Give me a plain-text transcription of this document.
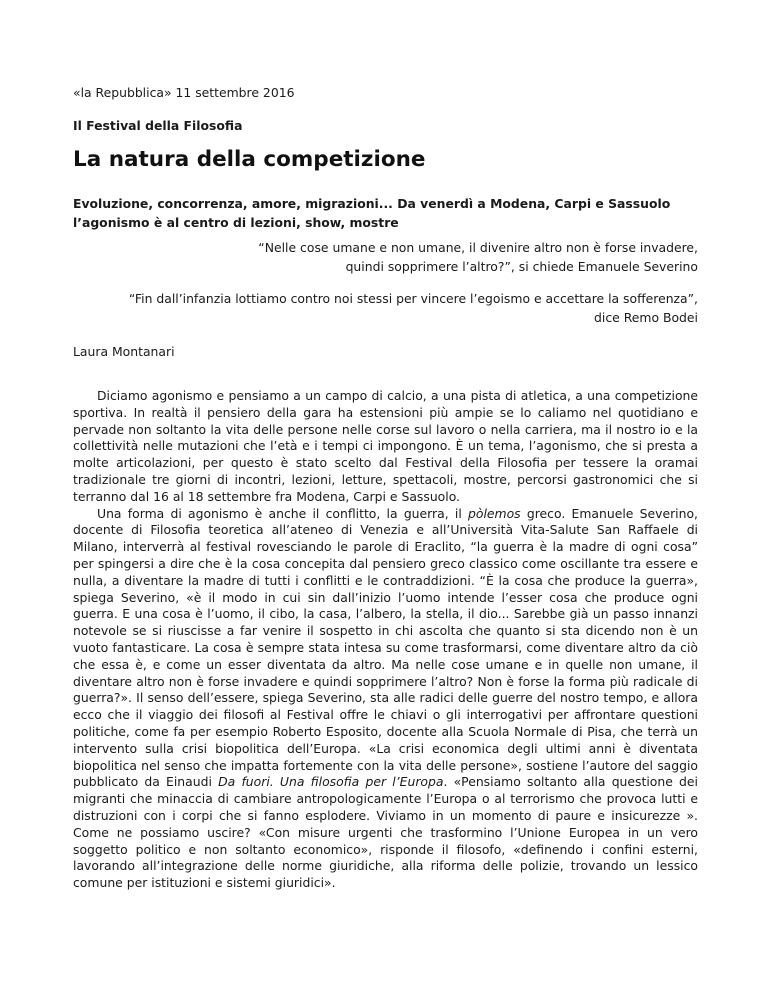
«la Repubblica» 11 settembre 2016

Il Festival della Filosofia

La natura della competizione

Evoluzione, concorrenza, amore, migrazioni... Da venerdì a Modena, Carpi e Sassuolo
l’agonismo è al centro di lezioni, show, mostre

“Nelle cose umane e non umane, il divenire altro non è forse invadere,
quindi sopprimere l’altro?”, si chiede Emanuele Severino

“Fin dall’infanzia lottiamo contro noi stessi per vincere l’egoismo e accettare la sofferenza”,
dice Remo Bodei

Laura Montanari

Diciamo agonismo e pensiamo a un campo di calcio, a una pista di atletica, a una competizione sportiva. In realtà il pensiero della gara ha estensioni più ampie se lo caliamo nel quotidiano e pervade non soltanto la vita delle persone nelle corse sul lavoro o nella carriera, ma il nostro io e la collettività nelle mutazioni che l’età e i tempi ci impongono. È un tema, l’agonismo, che si presta a molte articolazioni, per questo è stato scelto dal Festival della Filosofia per tessere la oramai tradizionale tre giorni di incontri, lezioni, letture, spettacoli, mostre, percorsi gastronomici che si terranno dal 16 al 18 settembre fra Modena, Carpi e Sassuolo.

Una forma di agonismo è anche il conflitto, la guerra, il pòlemos greco. Emanuele Severino, docente di Filosofia teoretica all’ateneo di Venezia e all’Università Vita-Salute San Raffaele di Milano, interverrà al festival rovesciando le parole di Eraclito, “la guerra è la madre di ogni cosa” per spingersi a dire che è la cosa concepita dal pensiero greco classico come oscillante tra essere e nulla, a diventare la madre di tutti i conflitti e le contraddizioni. “È la cosa che produce la guerra», spiega Severino, «è il modo in cui sin dall’inizio l’uomo intende l’esser cosa che produce ogni guerra. E una cosa è l’uomo, il cibo, la casa, l’albero, la stella, il dio... Sarebbe già un passo innanzi notevole se si riuscisse a far venire il sospetto in chi ascolta che quanto si sta dicendo non è un vuoto fantasticare. La cosa è sempre stata intesa su come trasformarsi, come diventare altro da ciò che essa è, e come un esser diventata da altro. Ma nelle cose umane e in quelle non umane, il diventare altro non è forse invadere e quindi sopprimere l’altro? Non è forse la forma più radicale di guerra?». Il senso dell’essere, spiega Severino, sta alle radici delle guerre del nostro tempo, e allora ecco che il viaggio dei filosofi al Festival offre le chiavi o gli interrogativi per affrontare questioni politiche, come fa per esempio Roberto Esposito, docente alla Scuola Normale di Pisa, che terrà un intervento sulla crisi biopolitica dell’Europa. «La crisi economica degli ultimi anni è diventata biopolitica nel senso che impatta fortemente con la vita delle persone», sostiene l’autore del saggio pubblicato da Einaudi Da fuori. Una filosofia per l’Europa. «Pensiamo soltanto alla questione dei migranti che minaccia di cambiare antropologicamente l’Europa o al terrorismo che provoca lutti e distruzioni con i corpi che si fanno esplodere. Viviamo in un momento di paure e insicurezze ». Come ne possiamo uscire? «Con misure urgenti che trasformino l’Unione Europea in un vero soggetto politico e non soltanto economico», risponde il filosofo, «definendo i confini esterni, lavorando all’integrazione delle norme giuridiche, alla riforma delle polizie, trovando un lessico comune per istituzioni e sistemi giuridici».
